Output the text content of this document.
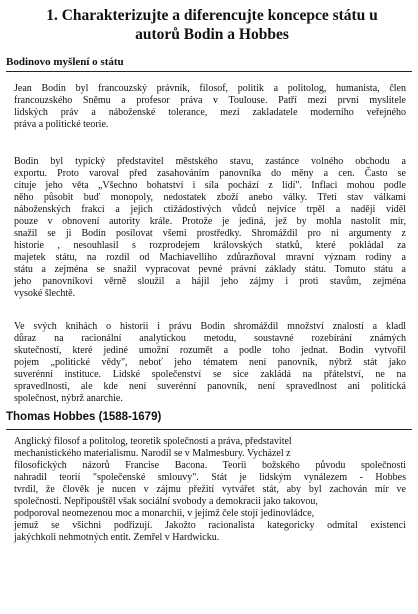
1. Charakterizujte a diferencujte koncepce státu u
autorů Bodin a Hobbes
Bodinovo myšlení o státu

Jean Bodin byl francouzský právník, filosof, politik a politolog, humanista, člen
francouzského Sněmu a profesor práva v Toulouse. Patří mezi první myslitele
lidských práv a náboženské tolerance, mezi zakladatele moderního veřejného
práva a politické teorie.

Bodin byl typický představitel městského stavu, zastánce volného obchodu a
exportu. Proto varoval před zasahováním panovníka do měny a cen. Často se
cituje jeho věta „Všechno bohatství i síla pochází z lidí". Inflaci mohou podle
něho působit buď monopoly, nedostatek zboží anebo války. Třetí stav válkami
náboženských frakcí a jejich ctižádostivých vůdců nejvíce trpěl a naději viděl
pouze v obnovení autority krále. Protože je jediná, jež by mohla nastolit mír,
snažil se ji Bodin posilovat všemi prostředky. Shromáždil pro ni argumenty z
historie , nesouhlasil s rozprodejem královských statků, které pokládal za
majetek státu, na rozdíl od Machiavelliho zdůrazňoval mravní význam rodiny a
státu a zejména se snažil vypracovat pevné právní základy státu. Tomuto státu a
jeho panovníkovi věrně sloužil a hájil jeho zájmy i proti stavům, zejména
vysoké šlechtě.

Ve svých knihách o historii i právu Bodin shromáždil množství znalostí a kladl
důraz na racionální analytickou metodu, soustavné rozebírání známých
skutečností, které jediné umožní rozumět a podle toho jednat. Bodin vytvořil
pojem „politické vědy", neboť jeho tématem není panovník, nýbrž stát jako
suverénní instituce. Lidské společenství se sice zakládá na přátelství, ne na
spravedlnosti, ale kde není suverénní panovník, není spravedlnost ani politická
společnost, nýbrž anarchie.

Thomas Hobbes (1588-1679)

Anglický filosof a politolog, teoretik společnosti a práva, představitel
mechanistického materialismu. Narodil se v Malmesbury. Vycházel z
filosofických názorů Francise Bacona. Teorii božského původu společnosti
nahradil teorií "společenské smlouvy". Stát je lidským vynálezem - Hobbes
tvrdil, že člověk je nucen v zájmu přežití vytvářet stát, aby byl zachován mír ve
společnosti. Nepřipouštěl však sociální svobody a demokracii jako takovou,
podporoval neomezenou moc a monarchii, v jejímž čele stojí jedinovládce,
jemuž se všichni podřizují. Jakožto racionalista kategoricky odmítal existenci
jakýchkoli nehmotných entit. Zemřel v Hardwicku.
